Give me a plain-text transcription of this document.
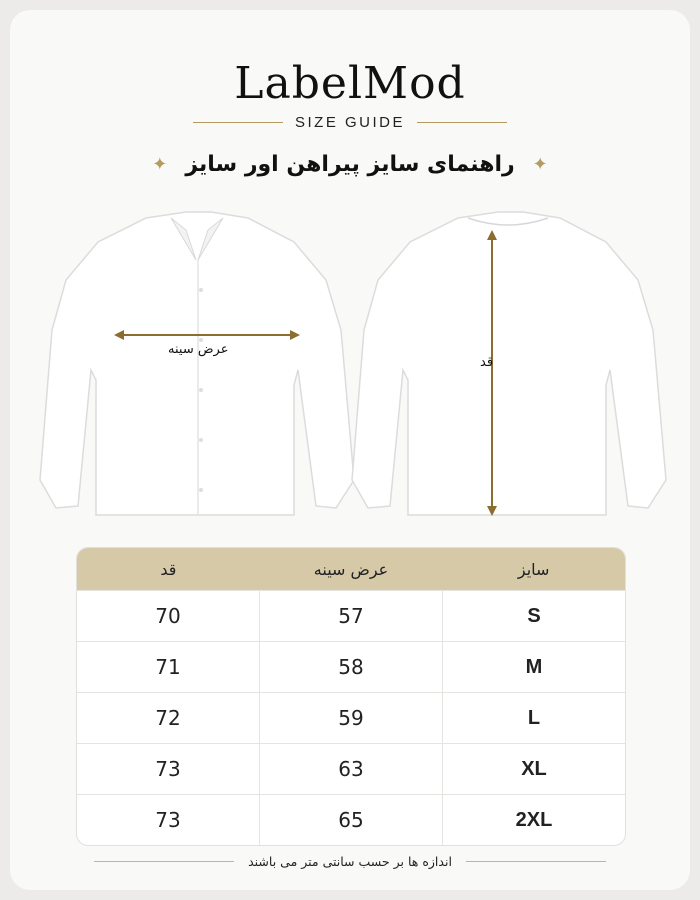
LabelMod
SIZE GUIDE
✦ راهنمای سایز پیراهن اور سایز ✦
عرض سینه
قد
قد	عرض سینه	سایز
70	57	S
71	58	M
72	59	L
73	63	XL
73	65	2XL
اندازه ها بر حسب سانتی متر می باشند
